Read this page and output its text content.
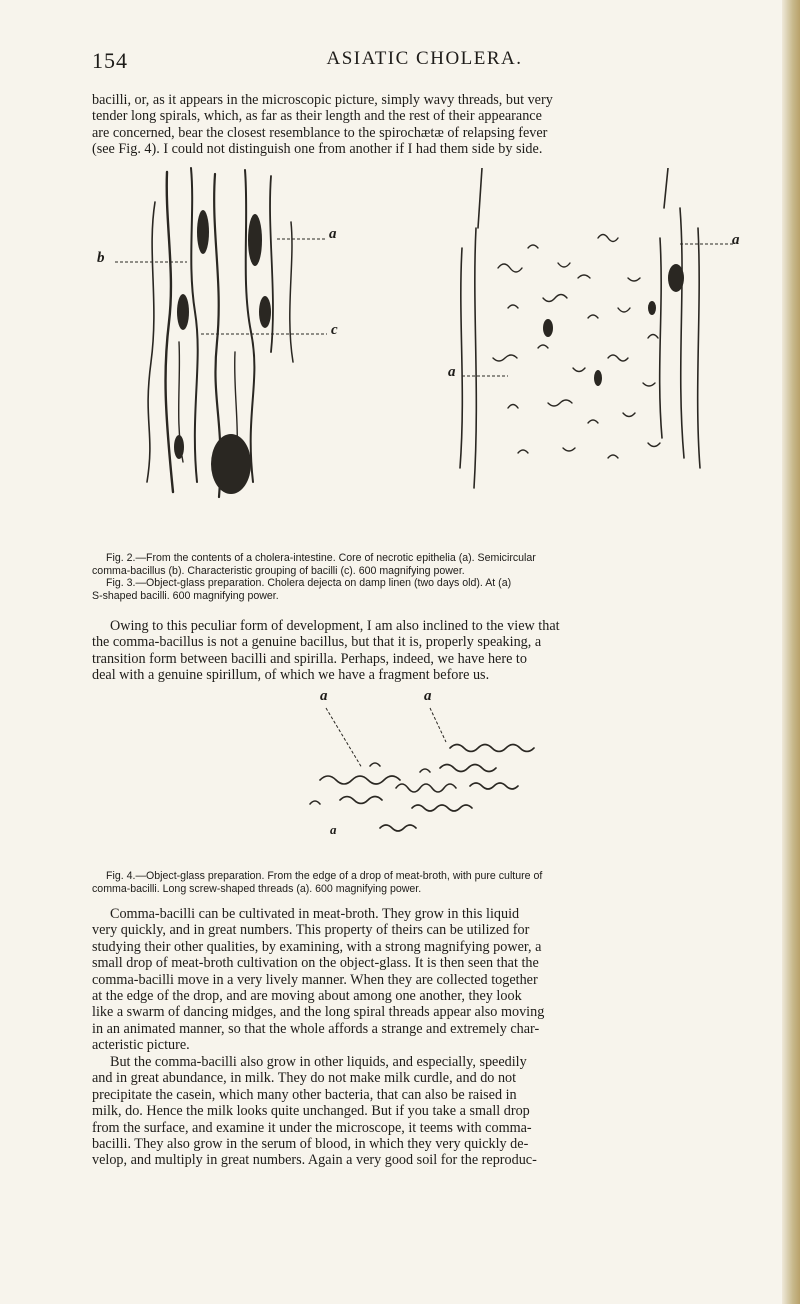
154	ASIATIC CHOLERA.
bacilli, or, as it appears in the microscopic picture, simply wavy threads, but very
tender long spirals, which, as far as their length and the rest of their appearance
are concerned, bear the closest resemblance to the spirochætæ of relapsing fever
(see Fig. 4). I could not distinguish one from another if I had them side by side.
b
a
c
a
a
Fig. 2.—From the contents of a cholera-intestine. Core of necrotic epithelia (a). Semicircular
comma-bacillus (b). Characteristic grouping of bacilli (c). 600 magnifying power.
Fig. 3.—Object-glass preparation. Cholera dejecta on damp linen (two days old). At (a)
S-shaped bacilli. 600 magnifying power.
Owing to this peculiar form of development, I am also inclined to the view that
the comma-bacillus is not a genuine bacillus, but that it is, properly speaking, a
transition form between bacilli and spirilla. Perhaps, indeed, we have here to
deal with a genuine spirillum, of which we have a fragment before us.
a	a
a
Fig. 4.—Object-glass preparation. From the edge of a drop of meat-broth, with pure culture of
comma-bacilli. Long screw-shaped threads (a). 600 magnifying power.
Comma-bacilli can be cultivated in meat-broth. They grow in this liquid
very quickly, and in great numbers. This property of theirs can be utilized for
studying their other qualities, by examining, with a strong magnifying power, a
small drop of meat-broth cultivation on the object-glass. It is then seen that the
comma-bacilli move in a very lively manner. When they are collected together
at the edge of the drop, and are moving about among one another, they look
like a swarm of dancing midges, and the long spiral threads appear also moving
in an animated manner, so that the whole affords a strange and extremely char-
acteristic picture.
But the comma-bacilli also grow in other liquids, and especially, speedily
and in great abundance, in milk. They do not make milk curdle, and do not
precipitate the casein, which many other bacteria, that can also be raised in
milk, do. Hence the milk looks quite unchanged. But if you take a small drop
from the surface, and examine it under the microscope, it teems with comma-
bacilli. They also grow in the serum of blood, in which they very quickly de-
velop, and multiply in great numbers. Again a very good soil for the reproduc-
